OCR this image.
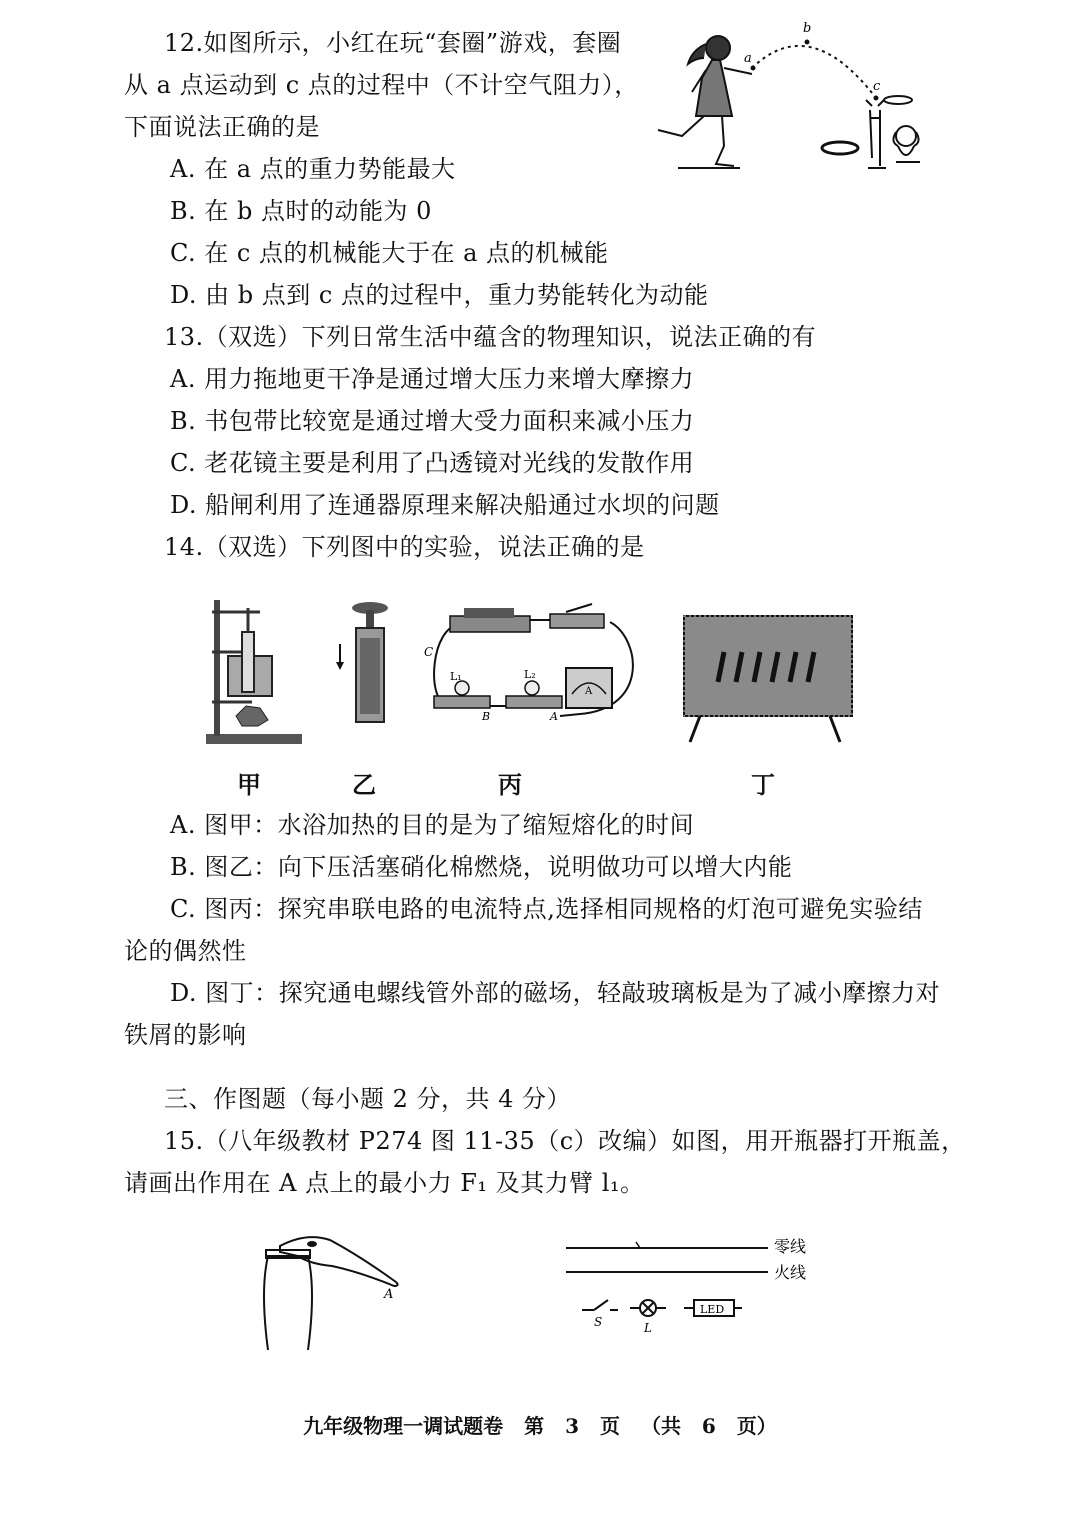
12.如图所示，小红在玩“套圈”游戏，套圈
从 a 点运动到 c 点的过程中（不计空气阻力），
下面说法正确的是
A. 在 a 点的重力势能最大
B. 在 b 点时的动能为 0
C. 在 c 点的机械能大于在 a 点的机械能
D. 由 b 点到 c 点的过程中，重力势能转化为动能
a
b
c
13.（双选）下列日常生活中蕴含的物理知识，说法正确的有
A. 用力拖地更干净是通过增大压力来增大摩擦力
B. 书包带比较宽是通过增大受力面积来减小压力
C. 老花镜主要是利用了凸透镜对光线的发散作用
D. 船闸利用了连通器原理来解决船通过水坝的问题
14.（双选）下列图中的实验，说法正确的是
甲	乙
C
L₁	L₂
B	A
A
丙	丁
A. 图甲：水浴加热的目的是为了缩短熔化的时间
B. 图乙：向下压活塞硝化棉燃烧，说明做功可以增大内能
C. 图丙：探究串联电路的电流特点,选择相同规格的灯泡可避免实验结
论的偶然性
D. 图丁：探究通电螺线管外部的磁场，轻敲玻璃板是为了减小摩擦力对
铁屑的影响
三、作图题（每小题 2 分，共 4 分）
15.（八年级教材 P274 图 11-35（c）改编）如图，用开瓶器打开瓶盖，
请画出作用在 A 点上的最小力 F₁ 及其力臂 l₁。
A
零线
火线
S	L
LED
九年级物理一调试题卷 第 3 页 （共 6 页）
